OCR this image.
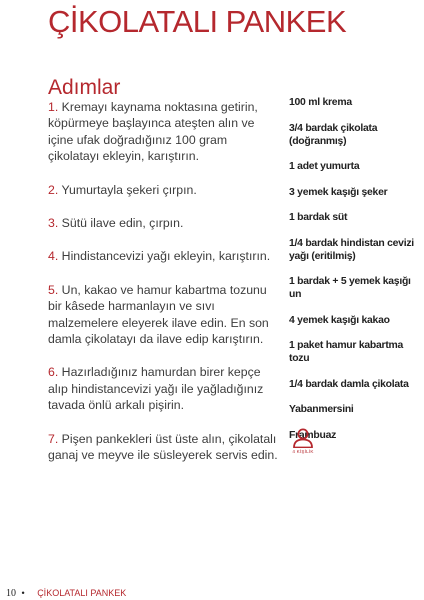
ÇİKOLATALI PANKEK
Adımlar
1. Kremayı kaynama noktasına getirin, köpürmeye başlayınca ateşten alın ve içine ufak doğradığınız 100 gram çikolatayı ekleyin, karıştırın.
2. Yumurtayla şekeri çırpın.
3. Sütü ilave edin, çırpın.
4. Hindistancevizi yağı ekleyin, karıştırın.
5. Un, kakao ve hamur kabartma tozunu bir kâsede harmanlayın ve sıvı malzemelere eleyerek ilave edin. En son damla çikolatayı da ilave edip karıştırın.
6. Hazırladığınız hamurdan birer kepçe alıp hindistancevizi yağı ile yağladığınız tavada önlü arkalı pişirin.
7. Pişen pankekleri üst üste alın, çikolatalı ganaj ve meyve ile süsleyerek servis edin.
100 ml krema
3/4 bardak çikolata (doğranmış)
1 adet yumurta
3 yemek kaşığı şeker
1 bardak süt
1/4 bardak hindistan cevizi yağı (eritilmiş)
1 bardak + 5 yemek kaşığı un
4 yemek kaşığı kakao
1 paket hamur kabartma tozu
1/4 bardak damla çikolata
Yabanmersini
Frambuaz
4 KİŞİLİK
10 • ÇİKOLATALI PANKEK
